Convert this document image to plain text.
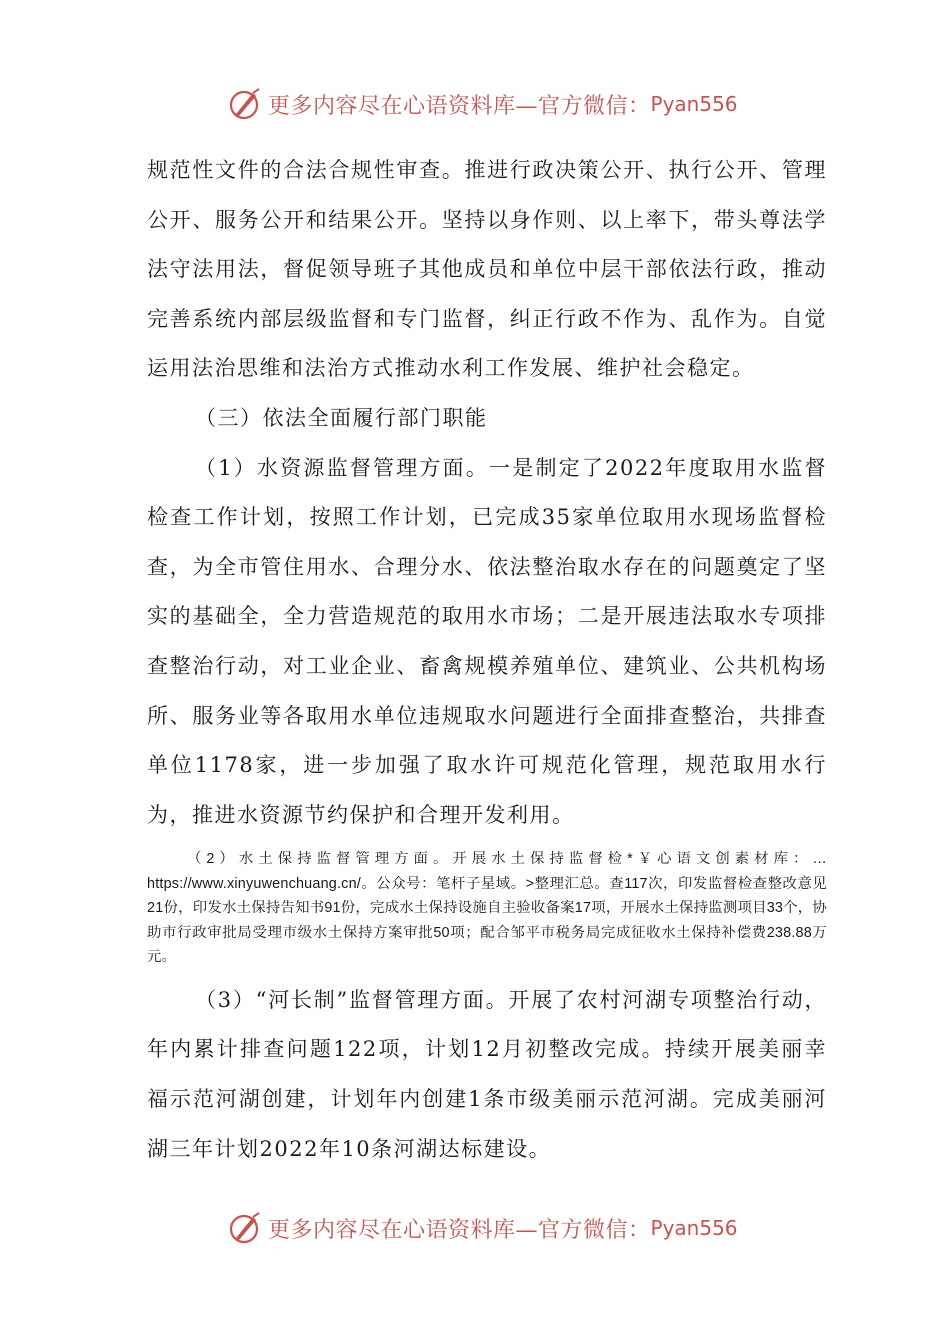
更多内容尽在心语资料库—官方微信： Pyan556

规范性文件的合法合规性审查。推进行政决策公开、执行公开、管理公开、服务公开和结果公开。坚持以身作则、以上率下，带头尊法学法守法用法，督促领导班子其他成员和单位中层干部依法行政，推动完善系统内部层级监督和专门监督，纠正行政不作为、乱作为。自觉运用法治思维和法治方式推动水利工作发展、维护社会稳定。

（三）依法全面履行部门职能

（1）水资源监督管理方面。一是制定了2022年度取用水监督检查工作计划，按照工作计划，已完成35家单位取用水现场监督检查，为全市管住用水、合理分水、依法整治取水存在的问题奠定了坚实的基础全，全力营造规范的取用水市场；二是开展违法取水专项排查整治行动，对工业企业、畜禽规模养殖单位、建筑业、公共机构场所、服务业等各取用水单位违规取水问题进行全面排查整治，共排查单位1178家，进一步加强了取水许可规范化管理，规范取用水行为，推进水资源节约保护和合理开发利用。

（2）水土保持监督管理方面。开展水土保持监督检*￥心语文创素材库：…https://www.xinyuwenchuang.cn/。公众号：笔杆子星域。>整理汇总。查117次，印发监督检查整改意见21份，印发水土保持告知书91份，完成水土保持设施自主验收备案17项，开展水土保持监测项目33个，协助市行政审批局受理市级水土保持方案审批50项；配合邹平市税务局完成征收水土保持补偿费238.88万元。

（3）“河长制”监督管理方面。开展了农村河湖专项整治行动，年内累计排查问题122项，计划12月初整改完成。持续开展美丽幸福示范河湖创建，计划年内创建1条市级美丽示范河湖。完成美丽河湖三年计划2022年10条河湖达标建设。

更多内容尽在心语资料库—官方微信： Pyan556
